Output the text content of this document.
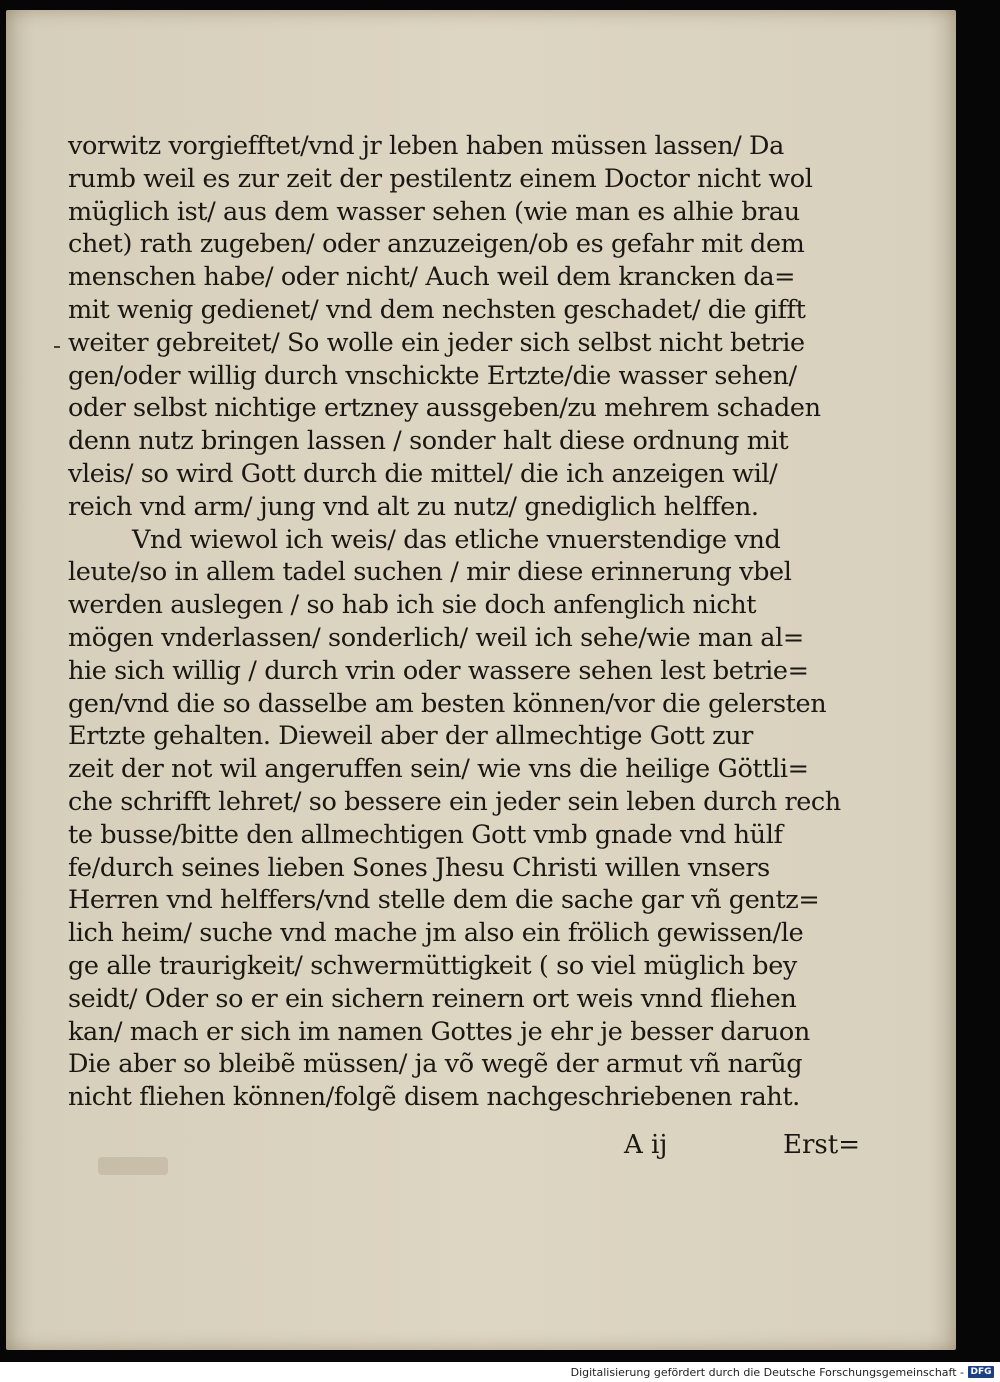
vorwitz vorgiefftet/vnd jr leben haben müssen lassen/ Da
rumb weil es zur zeit der pestilentz einem Doctor nicht wol
müglich ist/ aus dem wasser sehen (wie man es alhie brau
chet) rath zugeben/ oder anzuzeigen/ob es gefahr mit dem
menschen habe/ oder nicht/ Auch weil dem krancken da=
mit wenig gedienet/ vnd dem nechsten geschadet/ die gifft
weiter gebreitet/ So wolle ein jeder sich selbst nicht betrie
gen/oder willig durch vnschickte Ertzte/die wasser sehen/
oder selbst nichtige ertzney aussgeben/zu mehrem schaden
denn nutz bringen lassen / sonder halt diese ordnung mit
vleis/ so wird Gott durch die mittel/ die ich anzeigen wil/
reich vnd arm/ jung vnd alt zu nutz/ gnediglich helffen.
Vnd wiewol ich weis/ das etliche vnuerstendige vnd
leute/so in allem tadel suchen / mir diese erinnerung vbel
werden auslegen / so hab ich sie doch anfenglich nicht
mögen vnderlassen/ sonderlich/ weil ich sehe/wie man al=
hie sich willig / durch vrin oder wassere sehen lest betrie=
gen/vnd die so dasselbe am besten können/vor die gelersten
Ertzte gehalten. Dieweil aber der allmechtige Gott zur
zeit der not wil angeruffen sein/ wie vns die heilige Göttli=
che schrifft lehret/ so bessere ein jeder sein leben durch rech
te busse/bitte den allmechtigen Gott vmb gnade vnd hülf
fe/durch seines lieben Sones Jhesu Christi willen vnsers
Herren vnd helffers/vnd stelle dem die sache gar vñ gentz=
lich heim/ suche vnd mache jm also ein frölich gewissen/le
ge alle traurigkeit/ schwermüttigkeit ( so viel müglich bey
seidt/ Oder so er ein sichern reinern ort weis vnnd fliehen
kan/ mach er sich im namen Gottes je ehr je besser daruon
Die aber so bleibẽ müssen/ ja võ wegẽ der armut vñ narũg
nicht fliehen können/folgẽ disem nachgeschriebenen raht.
A ij	Erst=
Digitalisierung gefördert durch die Deutsche Forschungsgemeinschaft - DFG
